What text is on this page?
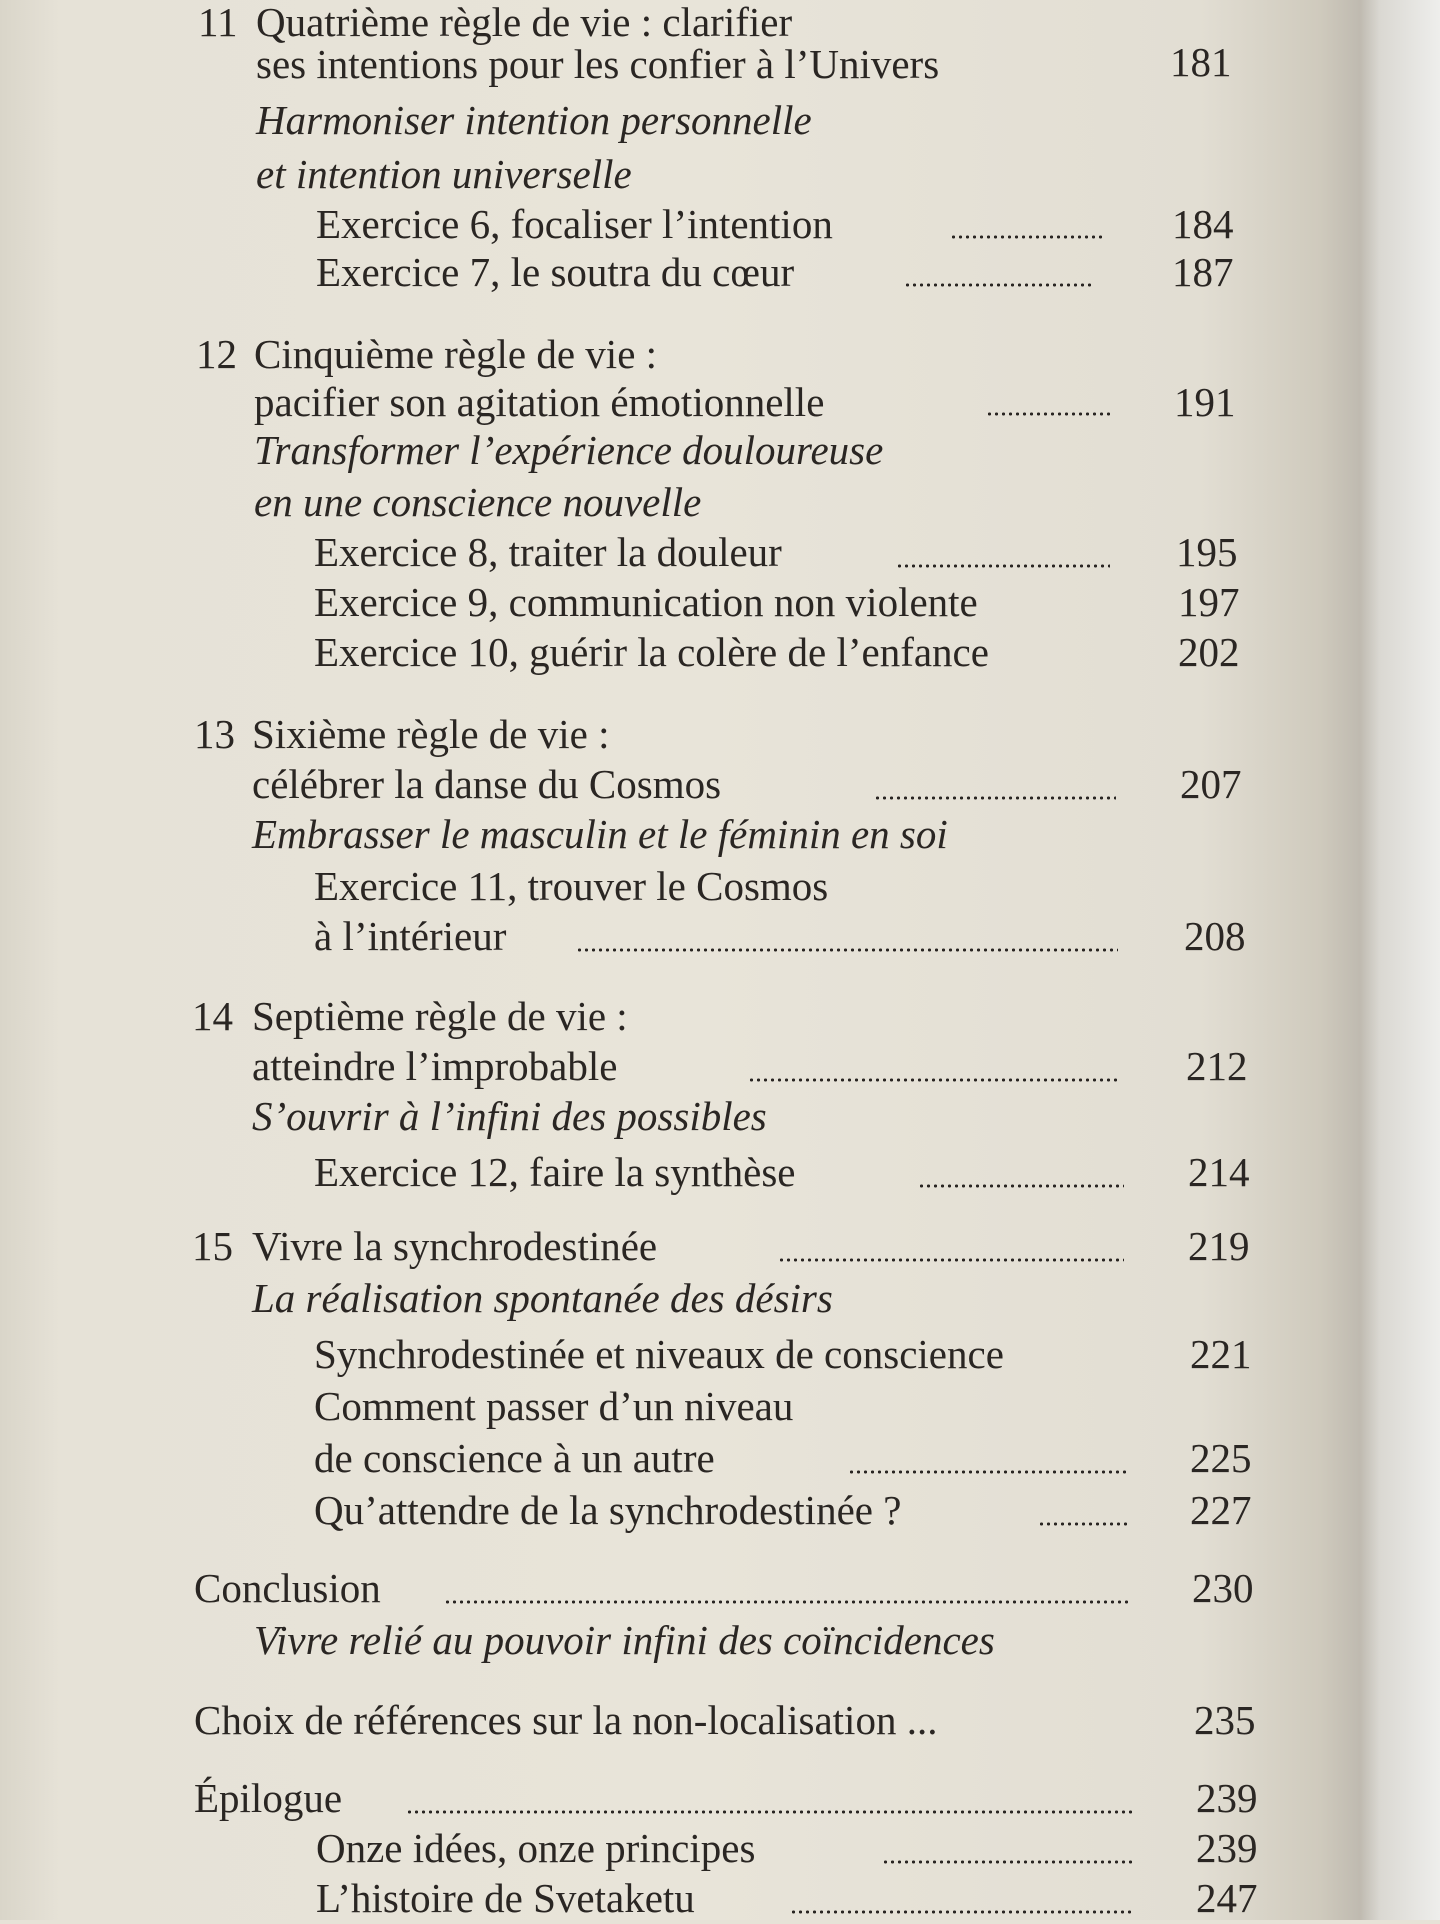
11 Quatrième règle de vie : clarifier
ses intentions pour les confier à l’Univers	181
Harmoniser intention personnelle
et intention universelle
Exercice 6, focaliser l’intention	184
Exercice 7, le soutra du cœur	187
12 Cinquième règle de vie :
pacifier son agitation émotionnelle	191
Transformer l’expérience douloureuse
en une conscience nouvelle
Exercice 8, traiter la douleur	195
Exercice 9, communication non violente	197
Exercice 10, guérir la colère de l’enfance	202
13 Sixième règle de vie :
célébrer la danse du Cosmos	207
Embrasser le masculin et le féminin en soi
Exercice 11, trouver le Cosmos
à l’intérieur	208
14 Septième règle de vie :
atteindre l’improbable	212
S’ouvrir à l’infini des possibles
Exercice 12, faire la synthèse	214
15 Vivre la synchrodestinée	219
La réalisation spontanée des désirs
Synchrodestinée et niveaux de conscience	221
Comment passer d’un niveau
de conscience à un autre	225
Qu’attendre de la synchrodestinée ?	227
Conclusion	230
Vivre relié au pouvoir infini des coïncidences
Choix de références sur la non-localisation ...	235
Épilogue	239
Onze idées, onze principes	239
L’histoire de Svetaketu	247
